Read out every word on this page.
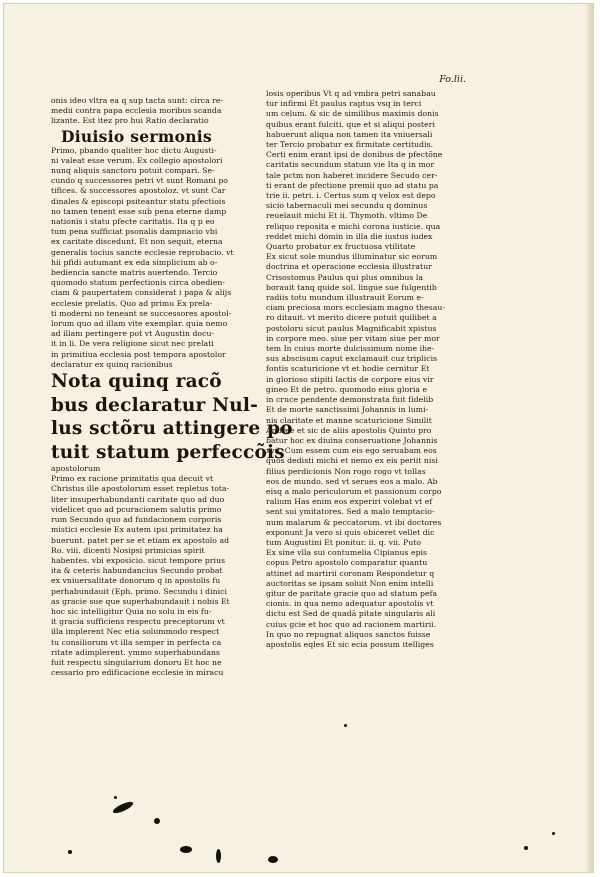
Fo.lii.
onis ideo vltra ea q sup tacta sunt: circa re-
medii contra papa ecclesia moribus scanda
lizante. Est itez pro hui Ratio declaratio
Diuisio sermonis
Primo, pbando qualiter hoc dictu Augusti-
ni valeat esse verum. Ex collegio apostolori
nunq aliquis sanctoru potuit compari. Se-
cundo q successores petri vt sunt Romani po
tifices. & successores apostoloz. vt sunt Car
dinales & episcopi psiteantur statu pfectiois
no tamen tenent esse sub pena eterne damp
nationis i statu pfecte caritatis. Ita q p eo
tum pena sufficiat psonalis dampnacio vbi
ex caritate discedunt. Et non sequit, eterna
generalis tocius sancte ecclesie reprobacio. vt
hii pfidi autumant ex eda simplicium ab o-
bediencia sancte matris auertendo. Tercio
quomodo statum perfectionis circa obedien-
ciam & paupertatem considerat i papa & alijs
ecclesie prelatis. Quo ad primu Ex prela-
ti moderni no teneant se successores apostol-
lorum quo ad illam vite exemplar. quia nemo
ad illam pertingere pot vt Augustin docu-
it in li. De vera religione sicut nec prelati
in primitiua ecclesia post tempora apostolor
declaratur ex quinq racionibus
Nota quinq racõ
bus declaratur Nul-
lus sctõru attingere po
tuit statum perfeccõis
apostolorum
Primo ex racione primitatis qua decuit vt
Christus ille apostolorum esset repletus tota-
liter insuperhabundanti caritate quo ad duo
videlicet quo ad pcuracionem salutis primo
rum Secundo quo ad fundacionem corporis
mistici ecclesie Ex autem ipsi primitatez ha
buerunt. patet per se et etiam ex apostolo ad
Ro. viii. dicenti Nosipsi primicias spirit
habentes. vbi exposicio. sicut tempore prius
ita & ceteris habundancius Secundo probat
ex vniuersalitate donorum q in apostolis fu
perhabundauit (Eph. primo. Secundu i dinici
as gracie sue que superhabundauit i nobis Et
hoc sic intelligitur Quia no solu in eis fu-
it gracia sufficiens respectu preceptorum vt
illa implerent Nec etia solummodo respect
tu consiliorum vt illa semper in perfecta ca
ritate adimplerent. ymmo superhabundans
fuit respectu singularium donoru Et hoc ne
cessario pro edificacione ecclesie in miracu
losis operibus Vt q ad vmbra petri sanabau
tur infirmi Et paulus raptus vsq in terci
um celum. & sic de similibus maximis donis
quibus erant fulciti. que et si aliqui posteri
habuerunt aliqua non tamen ita vniuersali
ter Tercio probatur ex firmitate certitudis.
Certi enim erant ipsi de donibus de pfectõne
caritatis secundum statum vie Ita q in mor
tale pctm non haberet incidere Secudo cer-
ti erant de pfectione premii quo ad statu pa
trie ii. petri. i. Certus sum q velox est depo
sicio tabernaculi mei secundu q dominus
reuelauit michi Et ii. Thymoth. vltimo De
reliquo reposita e michi corona iusticie. qua
reddet michi domin in illa die iustus iudex
Quarto probatur ex fructuosa vtilitate
Ex sicut sole mundus illuminatur sic eorum
doctrina et operacione ecclesia illustratur
Crisostomus Paulus qui plus omnibus la
borauit tanq quide sol. lingue sue fulgentib
radiis totu mundum illustrauit Eorum e-
ciam preciosa mors ecclesiam magno thesau-
ro ditauit. vt merito dicere potuit quilibet a
postoloru sicut paulus Magnificabit xpistus
in corpore meo. siue per vitam siue per mor
tem In cuius morte dulcissimum nome ihe-
sus abscisum caput exclamauit cuz triplicis
fontis scaturicione vt et hodie cernitur Et
in glorioso stipiti lactis de corpore eius vir
gineo Et de petro. quomodo eius gloria e
in cruce pendente demonstrata fuit fidelib
Et de morte sanctissimi Johannis in lumi-
nis claritate et manne scaturicione Similit
Andree et sic de aliis apostolis Quinto pro
batur hoc ex diuina conseruatione Johannis
xvii. Cum essem cum eis ego seruabam eos
quos dedisti michi et nemo ex eis periit nisi
filius perdicionis Non rogo rogo vt tollas
eos de mundo. sed vt serues eos a malo. Ab
eisq a malo periculorum et passionum corpo
ralium Has enim eos experiri volebat vt ef
sent sui ymitatores. Sed a malo temptacio-
num malarum & peccatorum. vt ibi doctores
exponunt Ja vero si quis obiceret vellet dic
tum Augustini Et ponitur. ii. q. vii. Puto
Ex sine vlla sui contumelia Cipianus epis
copus Petro apostolo comparatur quantu
attinet ad martirii coronam Respondetur q
auctoritas se ipsam soluit Non enim intelli
gitur de paritate gracie quo ad statum pefa
cionis. in qua nemo adequatur apostolis vt
dictu est Sed de quadā pitate singularis ali
cuius gcie et hoc quo ad racionem martirii.
In quo no repugnat aliquos sanctos fuisse
apostolis eqles Et sic ecia possum itelliges
